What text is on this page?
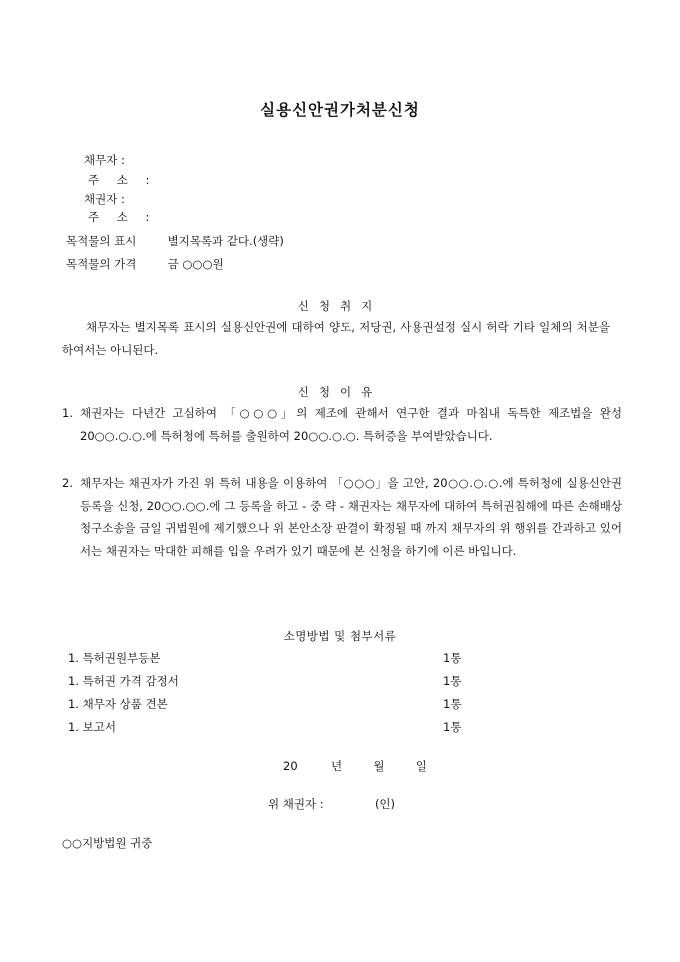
실용신안권가처분신청
채무자 :
주 소 :
채권자 :
주 소 :
목적물의 표시	별지목록과 같다.(생략)
목적물의 가격	금 ○○○원
신청취지
채무자는 별지목록 표시의 실용신안권에 대하여 양도, 저당권, 사용권설정 실시 허락 기타 일체의 처분을 하여서는 아니된다.
신청이유
1. 채권자는 다년간 고심하여 「○○○」의 제조에 관해서 연구한 결과 마침내 독특한 제조법을 완성 20○○.○.○.에 특허청에 특허를 출원하여 20○○.○.○. 특허증을 부여받았습니다.
2. 채무자는 채권자가 가진 위 특허 내용을 이용하여 「○○○」을 고안, 20○○.○.○.에 특허청에 실용신안권 등록을 신청, 20○○.○○.에 그 등록을 하고 - 중 략 - 채권자는 채무자에 대하여 특허권침해에 따른 손해배상 청구소송을 금일 귀법원에 제기했으나 위 본안소장 판결이 확정될 때 까지 채무자의 위 행위를 간과하고 있어서는 채권자는 막대한 피해를 입을 우려가 있기 때문에 본 신청을 하기에 이른 바입니다.
소명방법 및 첨부서류
1. 특허권원부등본	1통
1. 특허권 가격 감정서	1통
1. 채무자 상품 견본	1통
1. 보고서	1통
20	년	월	일
위 채권자 :	(인)
○○지방법원 귀중
